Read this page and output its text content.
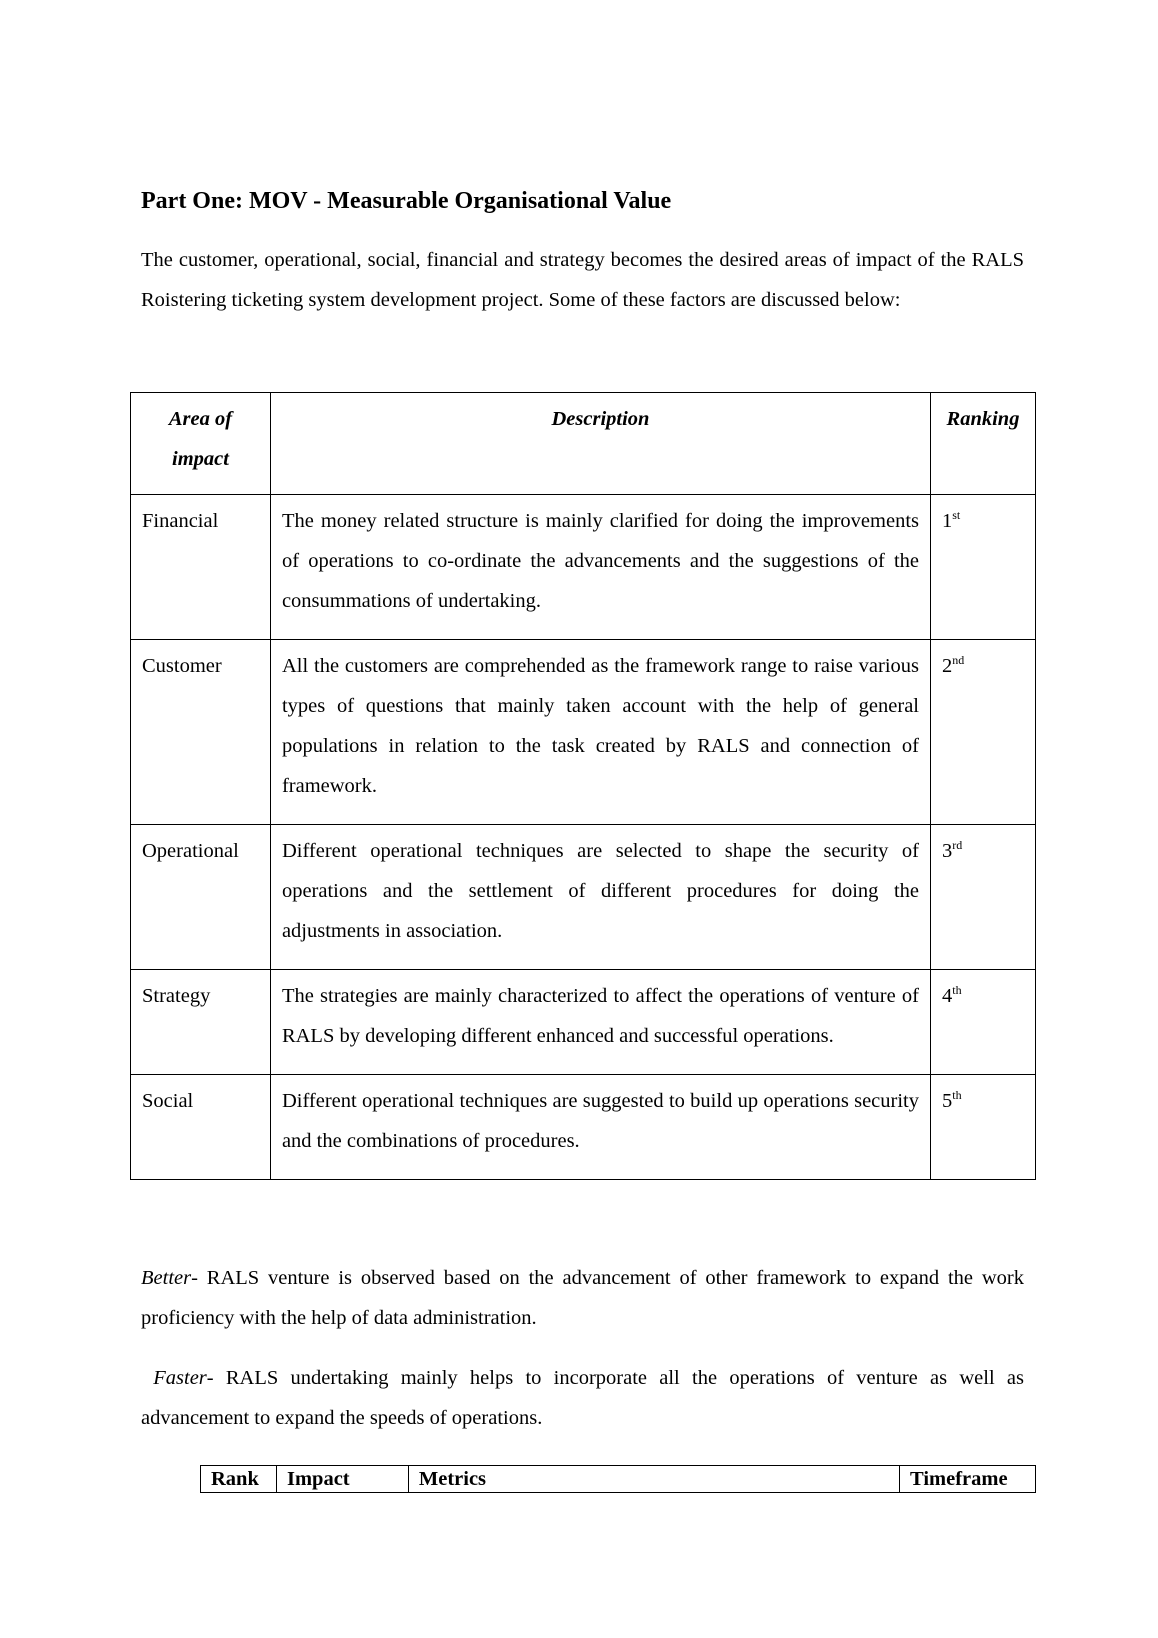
Part One: MOV - Measurable Organisational Value

The customer, operational, social, financial and strategy becomes the desired areas of impact of the RALS Roistering ticketing system development project. Some of these factors are discussed below:

Area of impact	Description	Ranking
Financial	The money related structure is mainly clarified for doing the improvements of operations to co-ordinate the advancements and the suggestions of the consummations of undertaking.	1st
Customer	All the customers are comprehended as the framework range to raise various types of questions that mainly taken account with the help of general populations in relation to the task created by RALS and connection of framework.	2nd
Operational	Different operational techniques are selected to shape the security of operations and the settlement of different procedures for doing the adjustments in association.	3rd
Strategy	The strategies are mainly characterized to affect the operations of venture of RALS by developing different enhanced and successful operations.	4th
Social	Different operational techniques are suggested to build up operations security and the combinations of procedures.	5th

Better- RALS venture is observed based on the advancement of other framework to expand the work proficiency with the help of data administration.

Faster- RALS undertaking mainly helps to incorporate all the operations of venture as well as advancement to expand the speeds of operations.

Rank	Impact	Metrics	Timeframe
